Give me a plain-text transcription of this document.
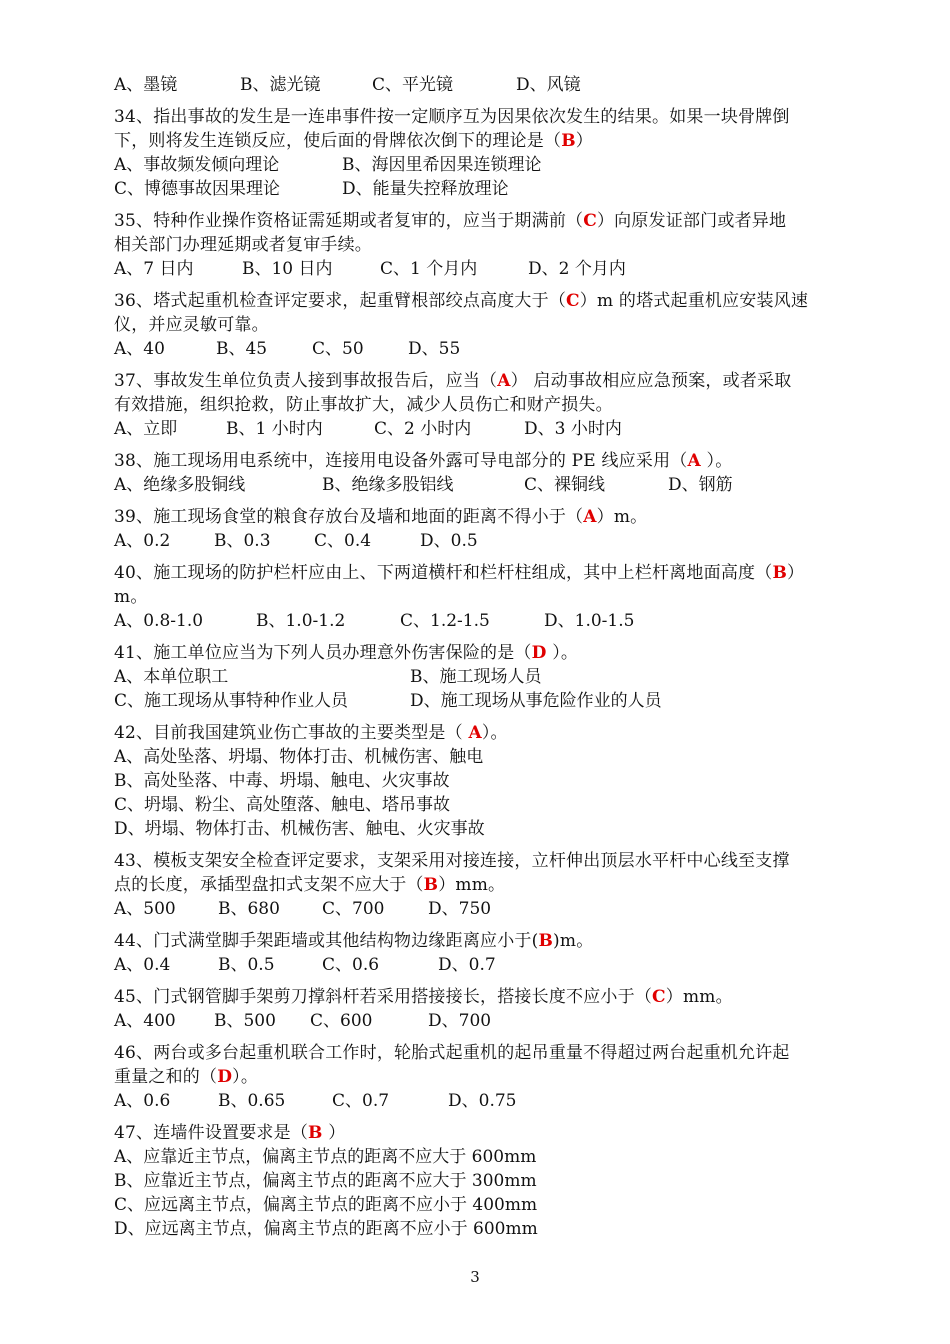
A、墨镜	B、滤光镜	C、平光镜	D、风镜
34、指出事故的发生是一连串事件按一定顺序互为因果依次发生的结果。如果一块骨牌倒
下，则将发生连锁反应，使后面的骨牌依次倒下的理论是（B）
A、事故频发倾向理论	B、海因里希因果连锁理论
C、博德事故因果理论	D、能量失控释放理论
35、特种作业操作资格证需延期或者复审的，应当于期满前（C）向原发证部门或者异地
相关部门办理延期或者复审手续。
A、7 日内	B、10 日内	C、1 个月内	D、2 个月内
36、塔式起重机检查评定要求，起重臂根部绞点高度大于（C）m 的塔式起重机应安装风速
仪，并应灵敏可靠。
A、40	B、45	C、50	D、55
37、事故发生单位负责人接到事故报告后，应当（A） 启动事故相应应急预案，或者采取
有效措施，组织抢救，防止事故扩大，减少人员伤亡和财产损失。
A、立即	B、1 小时内	C、2 小时内	D、3 小时内
38、施工现场用电系统中，连接用电设备外露可导电部分的 PE 线应采用（A ）。
A、绝缘多股铜线	B、绝缘多股铝线	C、裸铜线	D、钢筋
39、施工现场食堂的粮食存放台及墙和地面的距离不得小于（A）m。
A、0.2	B、0.3	C、0.4	D、0.5
40、施工现场的防护栏杆应由上、下两道横杆和栏杆柱组成，其中上栏杆离地面高度（B）
m。
A、0.8-1.0	B、1.0-1.2	C、1.2-1.5	D、1.0-1.5
41、施工单位应当为下列人员办理意外伤害保险的是（D ）。
A、本单位职工	B、施工现场人员
C、施工现场从事特种作业人员	D、施工现场从事危险作业的人员
42、目前我国建筑业伤亡事故的主要类型是（ A）。
A、高处坠落、坍塌、物体打击、机械伤害、触电
B、高处坠落、中毒、坍塌、触电、火灾事故
C、坍塌、粉尘、高处堕落、触电、塔吊事故
D、坍塌、物体打击、机械伤害、触电、火灾事故
43、模板支架安全检查评定要求，支架采用对接连接，立杆伸出顶层水平杆中心线至支撑
点的长度，承插型盘扣式支架不应大于（B）mm。
A、500 B、680 C、700	D、750
44、门式满堂脚手架距墙或其他结构物边缘距离应小于(B)m。
A、0.4	B、0.5	C、0.6	D、0.7
45、门式钢管脚手架剪刀撑斜杆若采用搭接接长，搭接长度不应小于（C）mm。
A、400 B、500 C、600	D、700
46、两台或多台起重机联合工作时，轮胎式起重机的起吊重量不得超过两台起重机允许起
重量之和的（D）。
A、0.6	B、0.65	C、0.7	D、0.75
47、连墙件设置要求是（B ）
A、应靠近主节点，偏离主节点的距离不应大于 600mm
B、应靠近主节点，偏离主节点的距离不应大于 300mm
C、应远离主节点，偏离主节点的距离不应小于 400mm
D、应远离主节点，偏离主节点的距离不应小于 600mm
3
